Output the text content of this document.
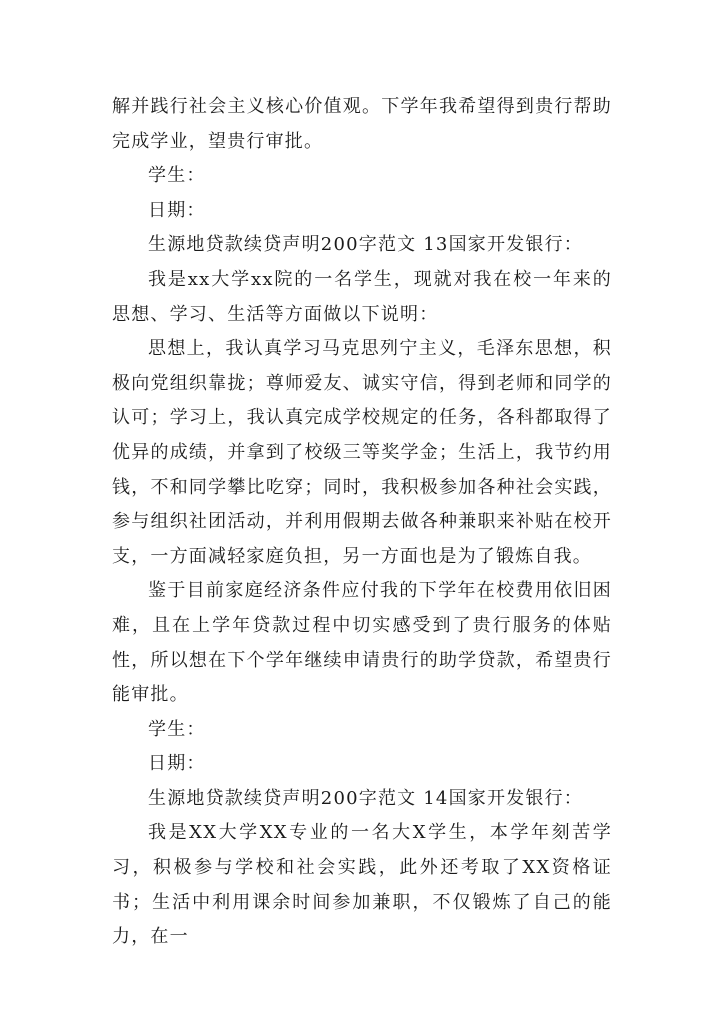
解并践行社会主义核心价值观。下学年我希望得到贵行帮助完成学业，望贵行审批。

学生：

日期：

生源地贷款续贷声明200字范文 13国家开发银行：

我是xx大学xx院的一名学生，现就对我在校一年来的思想、学习、生活等方面做以下说明：

思想上，我认真学习马克思列宁主义，毛泽东思想，积极向党组织靠拢；尊师爱友、诚实守信，得到老师和同学的认可；学习上，我认真完成学校规定的任务，各科都取得了优异的成绩，并拿到了校级三等奖学金；生活上，我节约用钱，不和同学攀比吃穿；同时，我积极参加各种社会实践，参与组织社团活动，并利用假期去做各种兼职来补贴在校开支，一方面减轻家庭负担，另一方面也是为了锻炼自我。

鉴于目前家庭经济条件应付我的下学年在校费用依旧困难，且在上学年贷款过程中切实感受到了贵行服务的体贴性，所以想在下个学年继续申请贵行的助学贷款，希望贵行能审批。

学生：

日期：

生源地贷款续贷声明200字范文 14国家开发银行：

我是XX大学XX专业的一名大X学生，本学年刻苦学习，积极参与学校和社会实践，此外还考取了XX资格证书；生活中利用课余时间参加兼职，不仅锻炼了自己的能力，在一
